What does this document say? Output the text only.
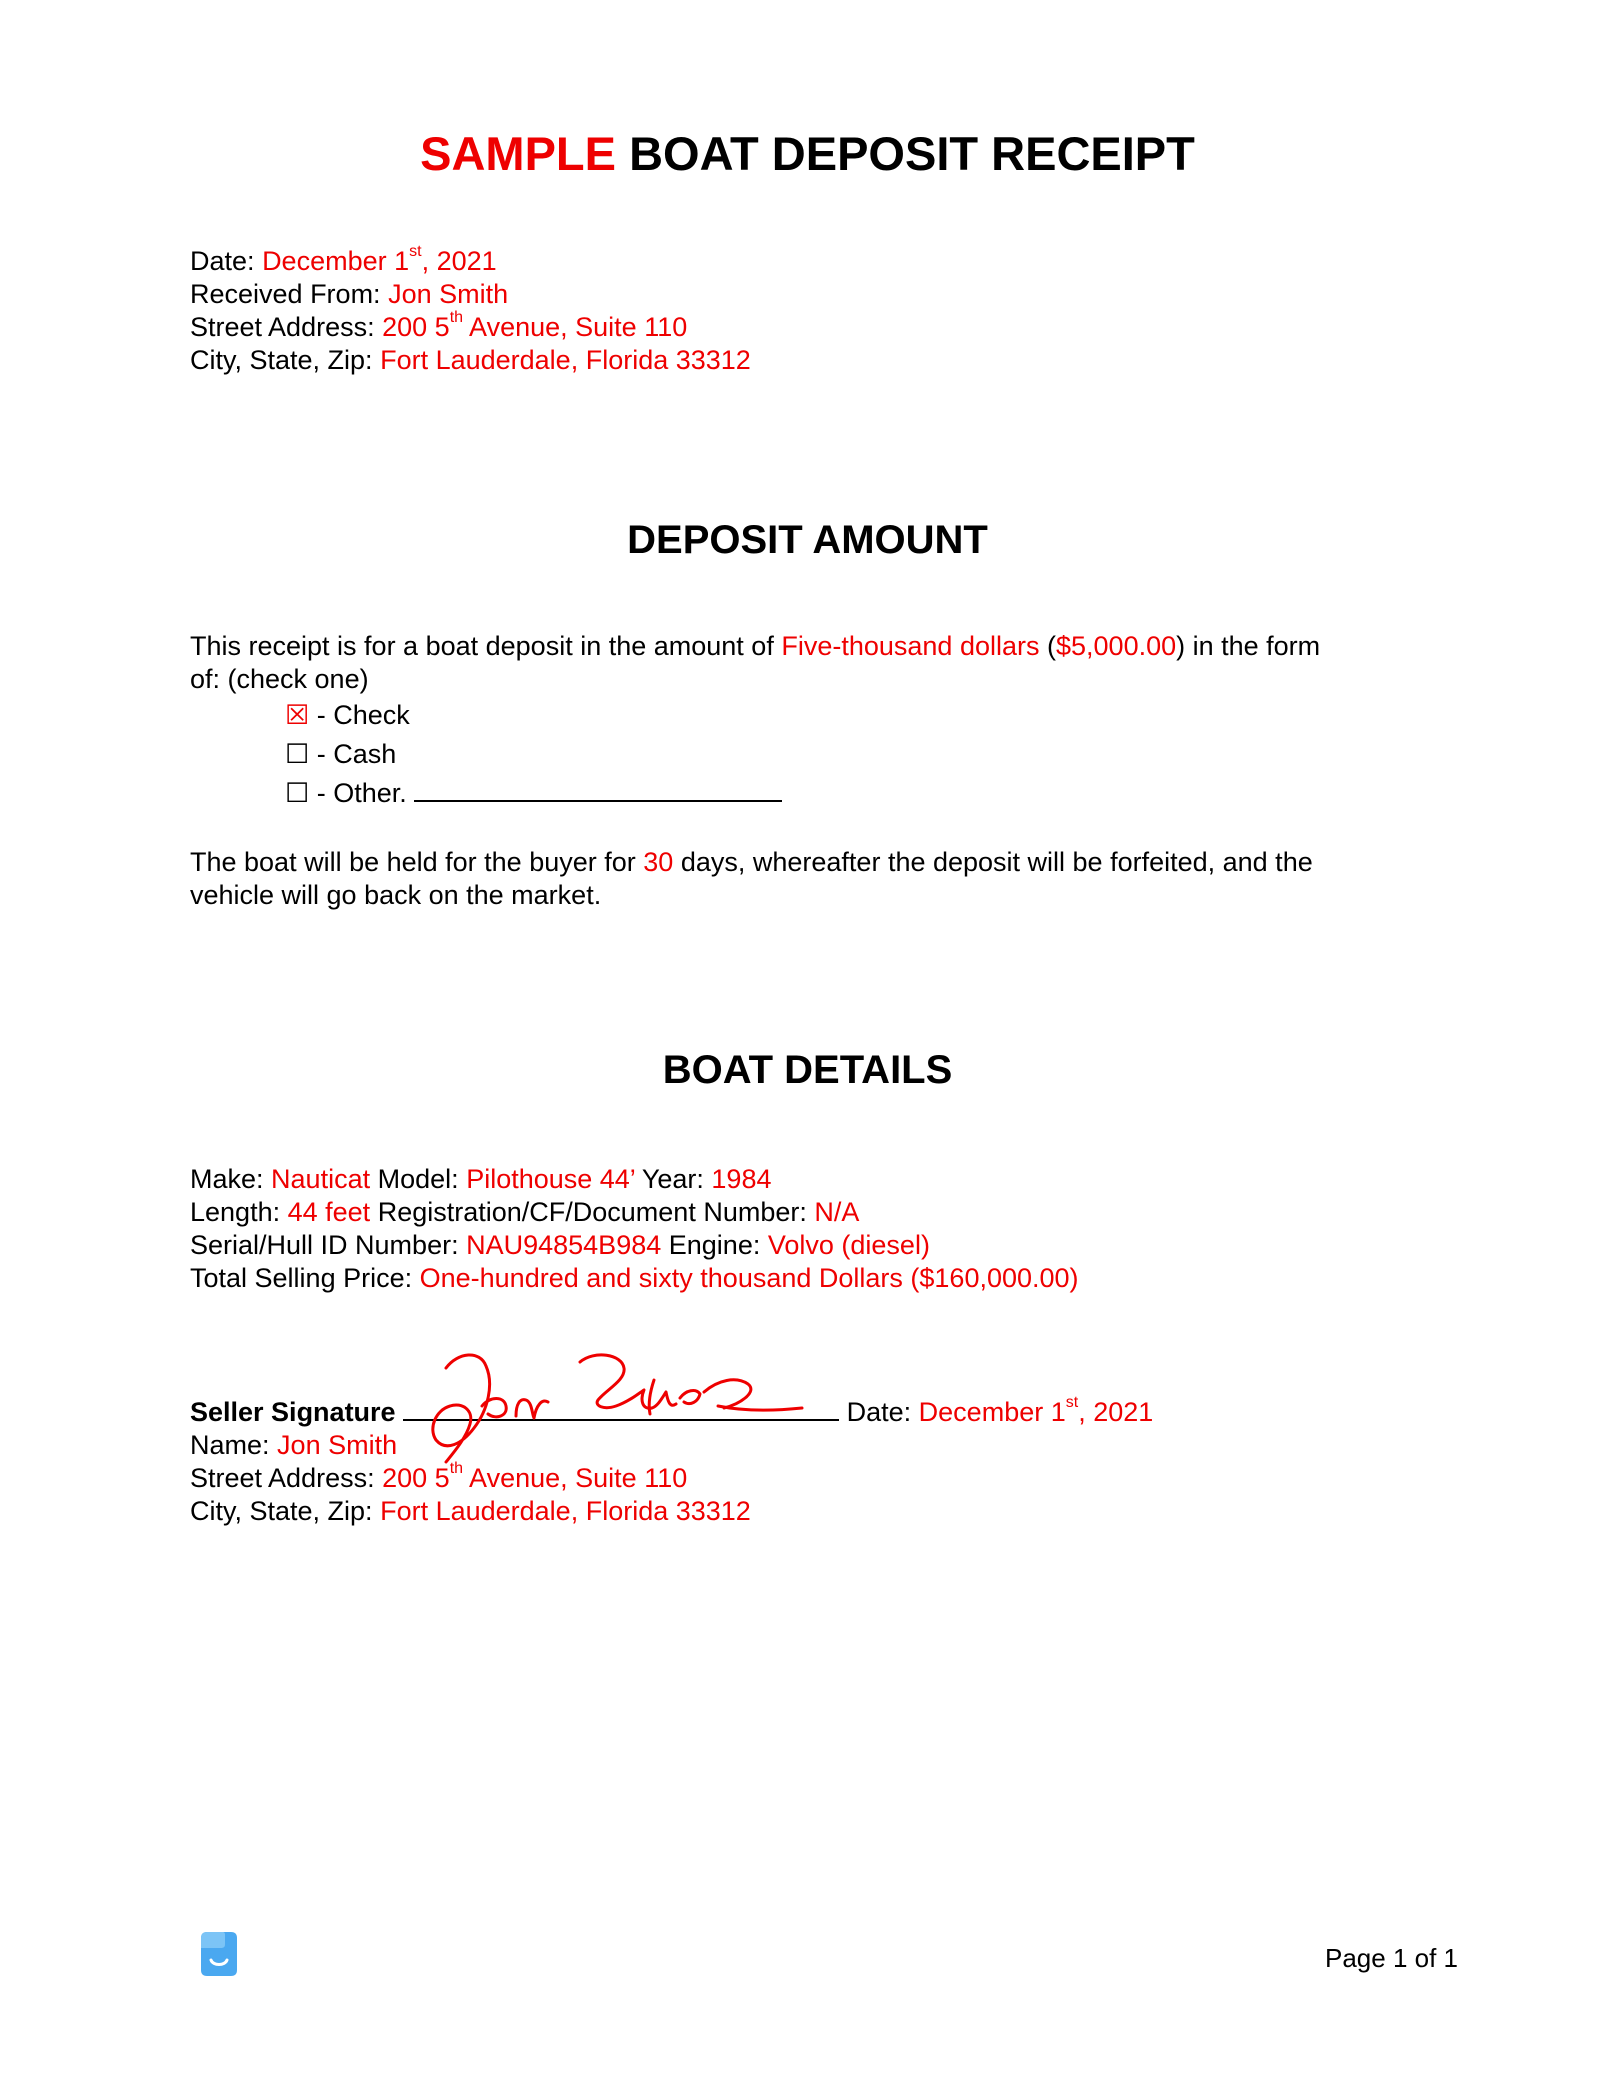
SAMPLE BOAT DEPOSIT RECEIPT
Date: December 1st, 2021
Received From: Jon Smith
Street Address: 200 5th Avenue, Suite 110
City, State, Zip: Fort Lauderdale, Florida 33312
DEPOSIT AMOUNT
This receipt is for a boat deposit in the amount of Five-thousand dollars ($5,000.00) in the form
of: (check one)
☒ - Check
☐ - Cash
☐ - Other.
The boat will be held for the buyer for 30 days, whereafter the deposit will be forfeited, and the
vehicle will go back on the market.
BOAT DETAILS
Make: Nauticat Model: Pilothouse 44’ Year: 1984
Length: 44 feet Registration/CF/Document Number: N/A
Serial/Hull ID Number: NAU94854B984 Engine: Volvo (diesel)
Total Selling Price: One-hundred and sixty thousand Dollars ($160,000.00)
Seller Signature	Date: December 1st, 2021
Name: Jon Smith
Street Address: 200 5th Avenue, Suite 110
City, State, Zip: Fort Lauderdale, Florida 33312
Page 1 of 1
